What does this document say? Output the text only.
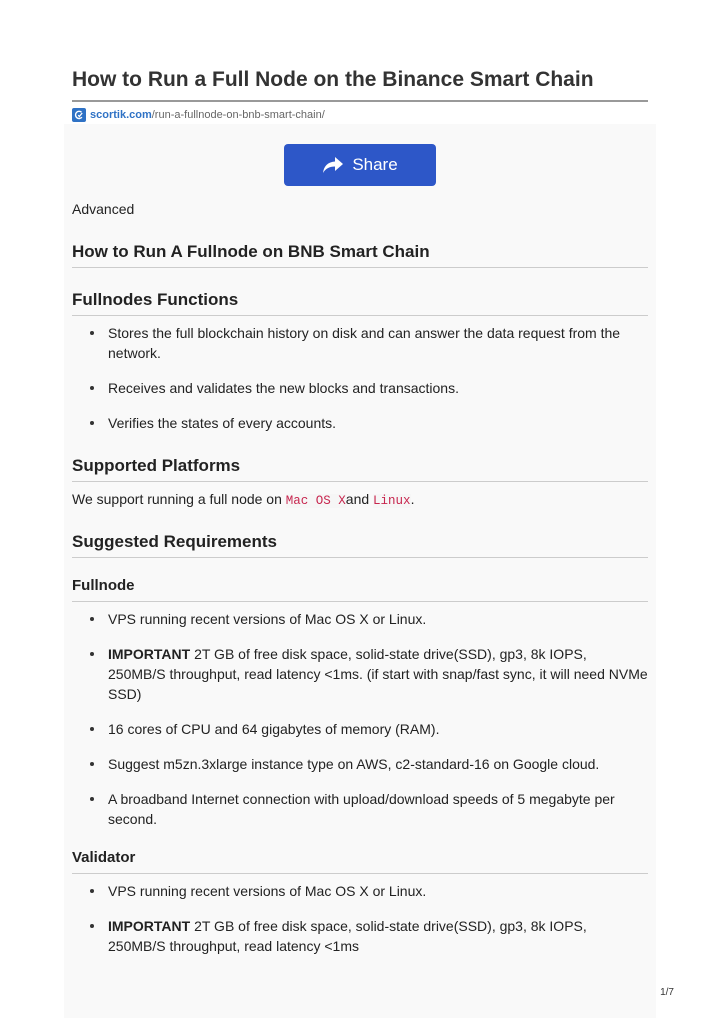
How to Run a Full Node on the Binance Smart Chain
scortik.com /run-a-fullnode-on-bnb-smart-chain/
Share

Advanced

How to Run A Fullnode on BNB Smart Chain
Fullnodes Functions
Stores the full blockchain history on disk and can answer the data request from the network.
Receives and validates the new blocks and transactions.
Verifies the states of every accounts.
Supported Platforms

We support running a full node on Mac OS Xand Linux.

Suggested Requirements
Fullnode
VPS running recent versions of Mac OS X or Linux.
IMPORTANT 2T GB of free disk space, solid-state drive(SSD), gp3, 8k IOPS, 250MB/S throughput, read latency <1ms. (if start with snap/fast sync, it will need NVMe SSD)
16 cores of CPU and 64 gigabytes of memory (RAM).
Suggest m5zn.3xlarge instance type on AWS, c2-standard-16 on Google cloud.
A broadband Internet connection with upload/download speeds of 5 megabyte per second.
Validator
VPS running recent versions of Mac OS X or Linux.
IMPORTANT 2T GB of free disk space, solid-state drive(SSD), gp3, 8k IOPS, 250MB/S throughput, read latency <1ms
1/7
